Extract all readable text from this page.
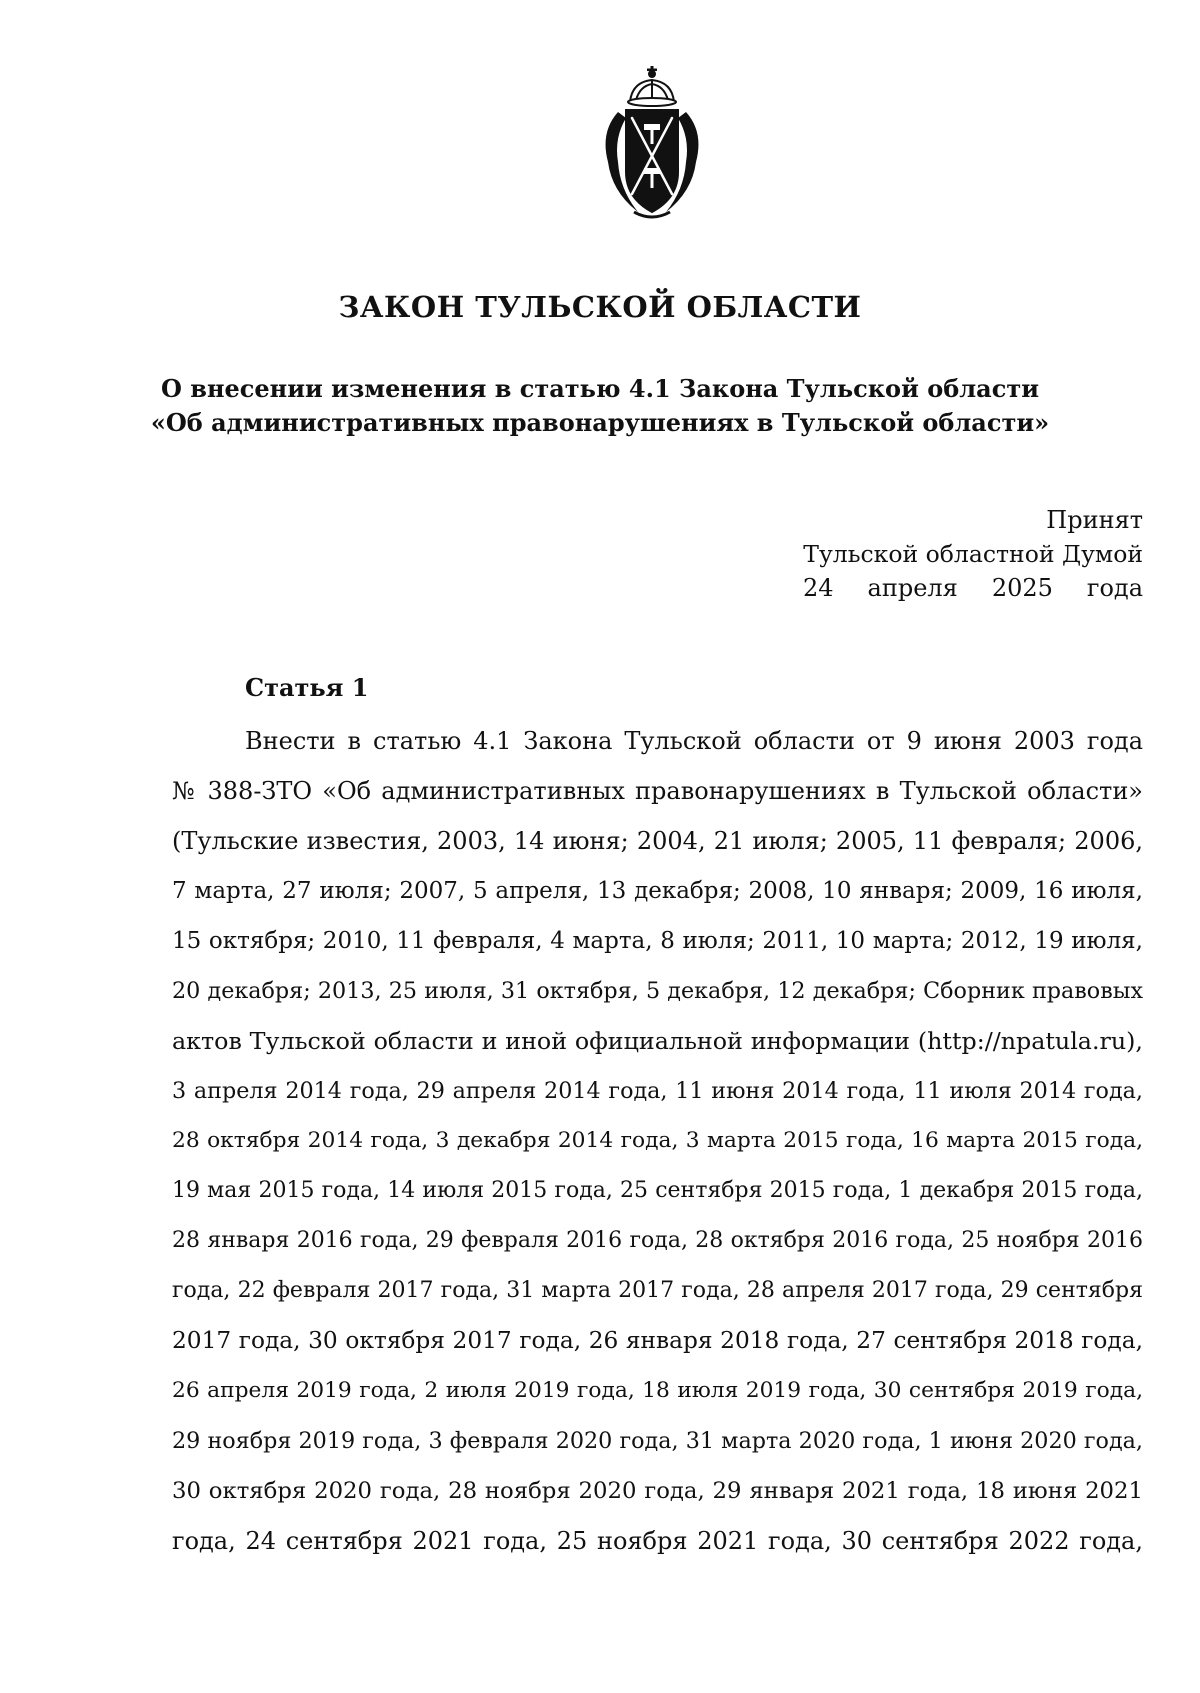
ЗАКОН ТУЛЬСКОЙ ОБЛАСТИ
О внесении изменения в статью 4.1 Закона Тульской области
«Об административных правонарушениях в Тульской области»
Принят
Тульской областной Думой
24 апреля 2025 года
Статья 1
Внести в статью 4.1 Закона Тульской области от 9 июня 2003 года
№ 388-ЗТО «Об административных правонарушениях в Тульской области»
(Тульские известия, 2003, 14 июня; 2004, 21 июля; 2005, 11 февраля; 2006,
7 марта, 27 июля; 2007, 5 апреля, 13 декабря; 2008, 10 января; 2009, 16 июля,
15 октября; 2010, 11 февраля, 4 марта, 8 июля; 2011, 10 марта; 2012, 19 июля,
20 декабря; 2013, 25 июля, 31 октября, 5 декабря, 12 декабря; Сборник правовых
актов Тульской области и иной официальной информации (http://npatula.ru),
3 апреля 2014 года, 29 апреля 2014 года, 11 июня 2014 года, 11 июля 2014 года,
28 октября 2014 года, 3 декабря 2014 года, 3 марта 2015 года, 16 марта 2015 года,
19 мая 2015 года, 14 июля 2015 года, 25 сентября 2015 года, 1 декабря 2015 года,
28 января 2016 года, 29 февраля 2016 года, 28 октября 2016 года, 25 ноября 2016
года, 22 февраля 2017 года, 31 марта 2017 года, 28 апреля 2017 года, 29 сентября
2017 года, 30 октября 2017 года, 26 января 2018 года, 27 сентября 2018 года,
26 апреля 2019 года, 2 июля 2019 года, 18 июля 2019 года, 30 сентября 2019 года,
29 ноября 2019 года, 3 февраля 2020 года, 31 марта 2020 года, 1 июня 2020 года,
30 октября 2020 года, 28 ноября 2020 года, 29 января 2021 года, 18 июня 2021
года, 24 сентября 2021 года, 25 ноября 2021 года, 30 сентября 2022 года,
